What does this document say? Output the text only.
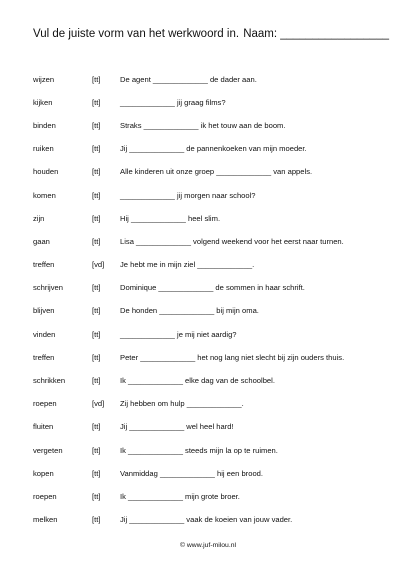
Vul de juiste vorm van het werkwoord in. Naam: _________________
wijzen	[tt]	De agent _____________ de dader aan.
kijken	[tt]	_____________ jij graag films?
binden	[tt]	Straks _____________ ik het touw aan de boom.
ruiken	[tt]	Jij _____________ de pannenkoeken van mijn moeder.
houden	[tt]	Alle kinderen uit onze groep _____________ van appels.
komen	[tt]	_____________ jij morgen naar school?
zijn	[tt]	Hij _____________ heel slim.
gaan	[tt]	Lisa _____________ volgend weekend voor het eerst naar turnen.
treffen	[vd]	Je hebt me in mijn ziel _____________.
schrijven	[tt]	Dominique _____________ de sommen in haar schrift.
blijven	[tt]	De honden _____________ bij mijn oma.
vinden	[tt]	_____________ je mij niet aardig?
treffen	[tt]	Peter _____________ het nog lang niet slecht bij zijn ouders thuis.
schrikken	[tt]	Ik _____________ elke dag van de schoolbel.
roepen	[vd]	Zij hebben om hulp _____________.
fluiten	[tt]	Jij _____________ wel heel hard!
vergeten	[tt]	Ik _____________ steeds mijn la op te ruimen.
kopen	[tt]	Vanmiddag _____________ hij een brood.
roepen	[tt]	Ik _____________ mijn grote broer.
melken	[tt]	Jij _____________ vaak de koeien van jouw vader.
© www.juf-milou.nl
